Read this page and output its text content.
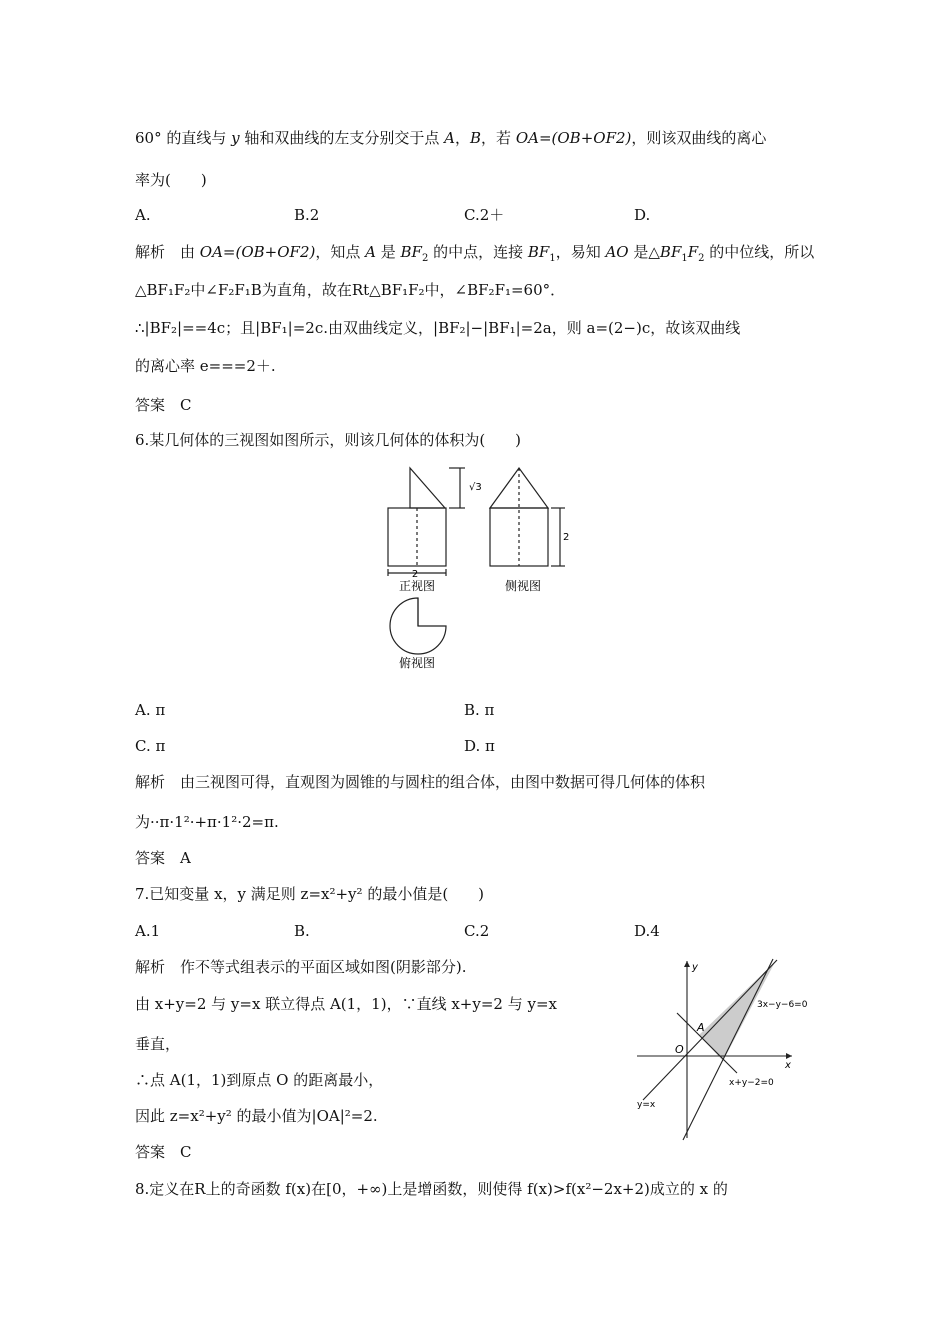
60° 的直线与 y 轴和双曲线的左支分别交于点 A，B，若 OA=(OB+OF2)，则该双曲线的离心
率为(　　)
A.	B.2	C.2＋	D.
解析　由 OA=(OB+OF2)，知点 A 是 $BF_2$ 的中点，连接 $BF_1$，易知 AO 是$\triangle BF_1F_2$ 的中位线，所以
△BF₁F₂中∠F₂F₁B为直角，故在Rt△BF₁F₂中，∠BF₂F₁=60°．
∴|BF₂|==4c；且|BF₁|=2c.由双曲线定义，|BF₂|−|BF₁|=2a，则 a=(2−)c，故该双曲线
的离心率 e===2＋.
答案　C
6.某几何体的三视图如图所示，则该几何体的体积为(　　)
2
√3
正视图
2
侧视图
俯视图
A. π	B. π
C. π	D. π
解析　由三视图可得，直观图为圆锥的与圆柱的组合体，由图中数据可得几何体的体积
为··π·1²·+π·1²·2=π.
答案　A
7.已知变量 x，y 满足则 z=x²+y² 的最小值是(　　)
A.1	B.	C.2	D.4
解析　作不等式组表示的平面区域如图(阴影部分).
由 x+y=2 与 y=x 联立得点 A(1，1)，∵直线 x+y=2 与 y=x
垂直，
∴点 A(1，1)到原点 O 的距离最小，
因此 z=x²+y² 的最小值为|OA|²=2.
答案　C
x
y
O
A
3x−y−6=0
x+y−2=0
y=x
8.定义在R上的奇函数 f(x)在[0，+∞)上是增函数，则使得 f(x)>f(x²−2x+2)成立的 x 的
